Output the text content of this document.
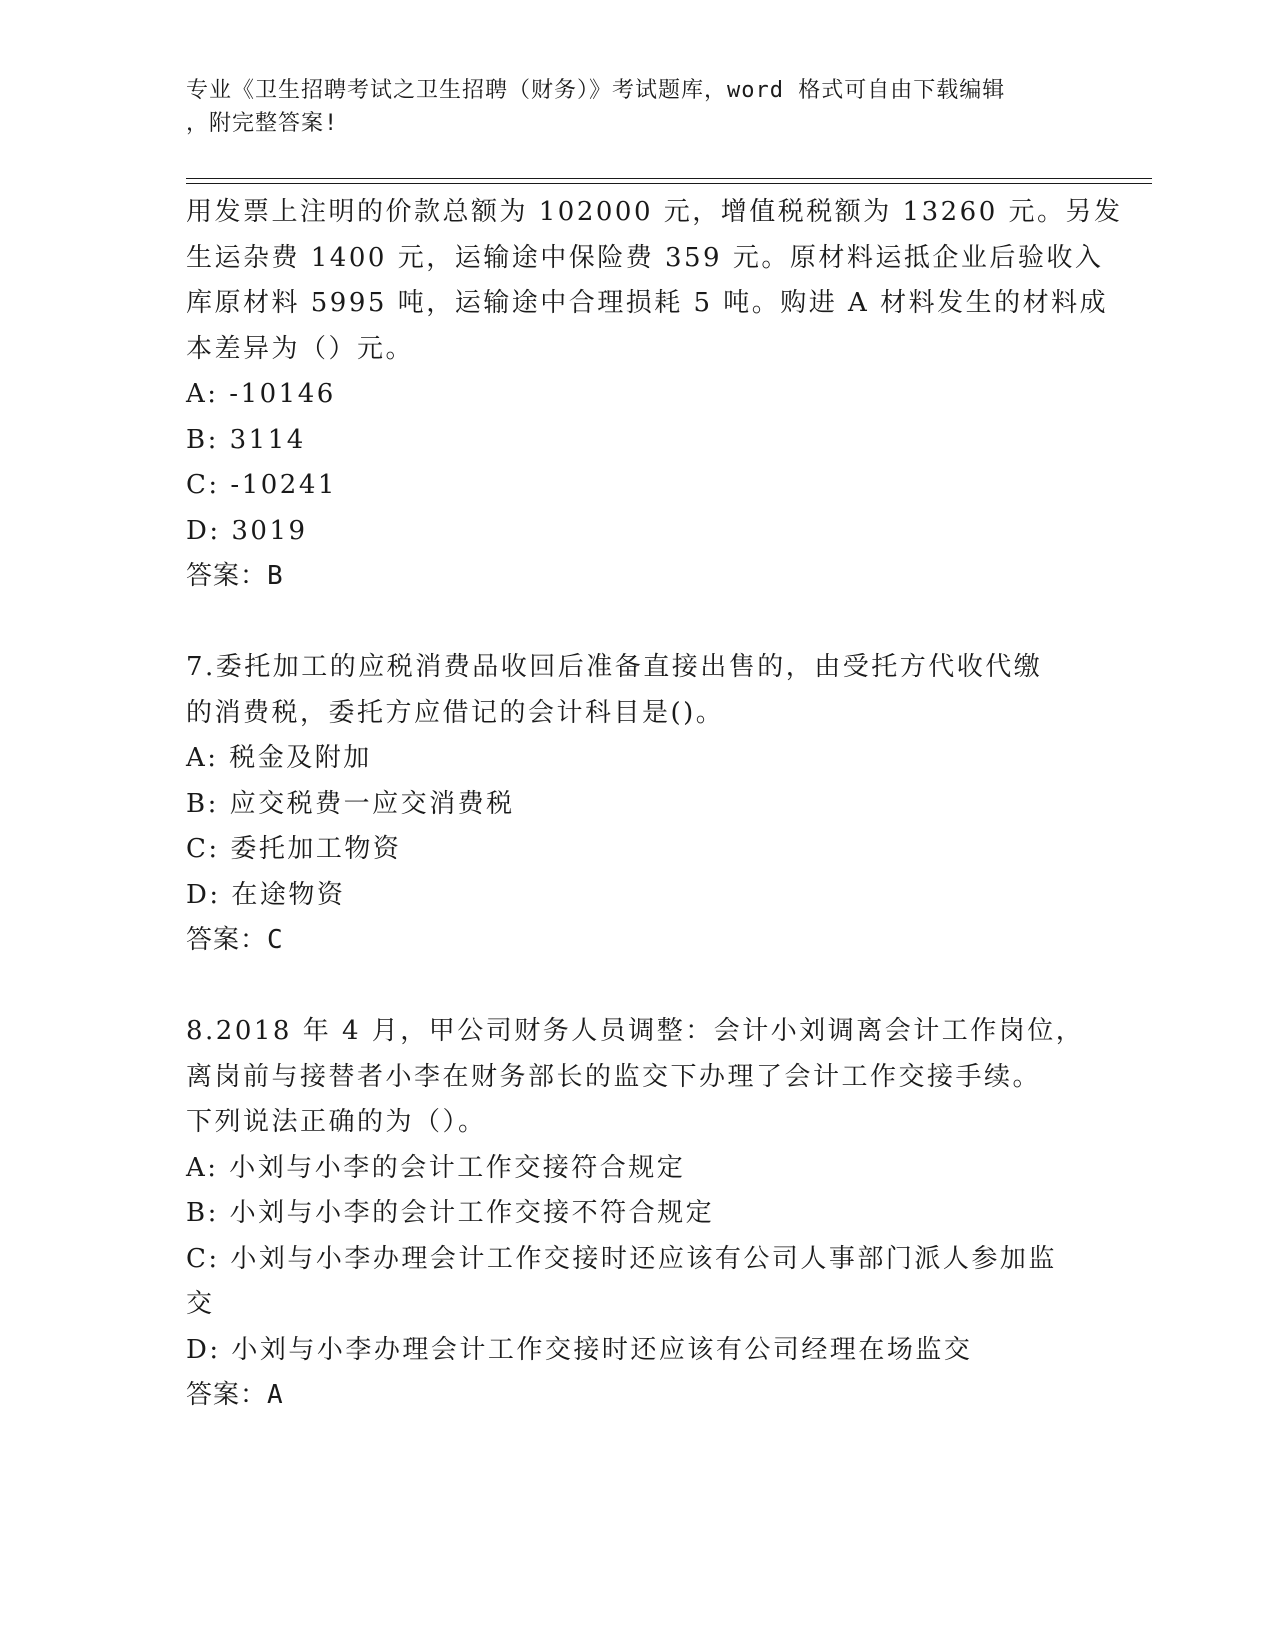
专业《卫生招聘考试之卫生招聘（财务）》考试题库，word 格式可自由下载编辑
，附完整答案!
用发票上注明的价款总额为 102000 元，增值税税额为 13260 元。另发
生运杂费 1400 元，运输途中保险费 359 元。原材料运抵企业后验收入
库原材料 5995 吨，运输途中合理损耗 5 吨。购进 A 材料发生的材料成
本差异为（）元。
A: -10146
B: 3114
C: -10241
D: 3019
答案：B
7.委托加工的应税消费品收回后准备直接出售的，由受托方代收代缴
的消费税，委托方应借记的会计科目是()。
A: 税金及附加
B: 应交税费一应交消费税
C: 委托加工物资
D: 在途物资
答案：C
8.2018 年 4 月，甲公司财务人员调整：会计小刘调离会计工作岗位，
离岗前与接替者小李在财务部长的监交下办理了会计工作交接手续。
下列说法正确的为（）。
A: 小刘与小李的会计工作交接符合规定
B: 小刘与小李的会计工作交接不符合规定
C: 小刘与小李办理会计工作交接时还应该有公司人事部门派人参加监
交
D: 小刘与小李办理会计工作交接时还应该有公司经理在场监交
答案：A
